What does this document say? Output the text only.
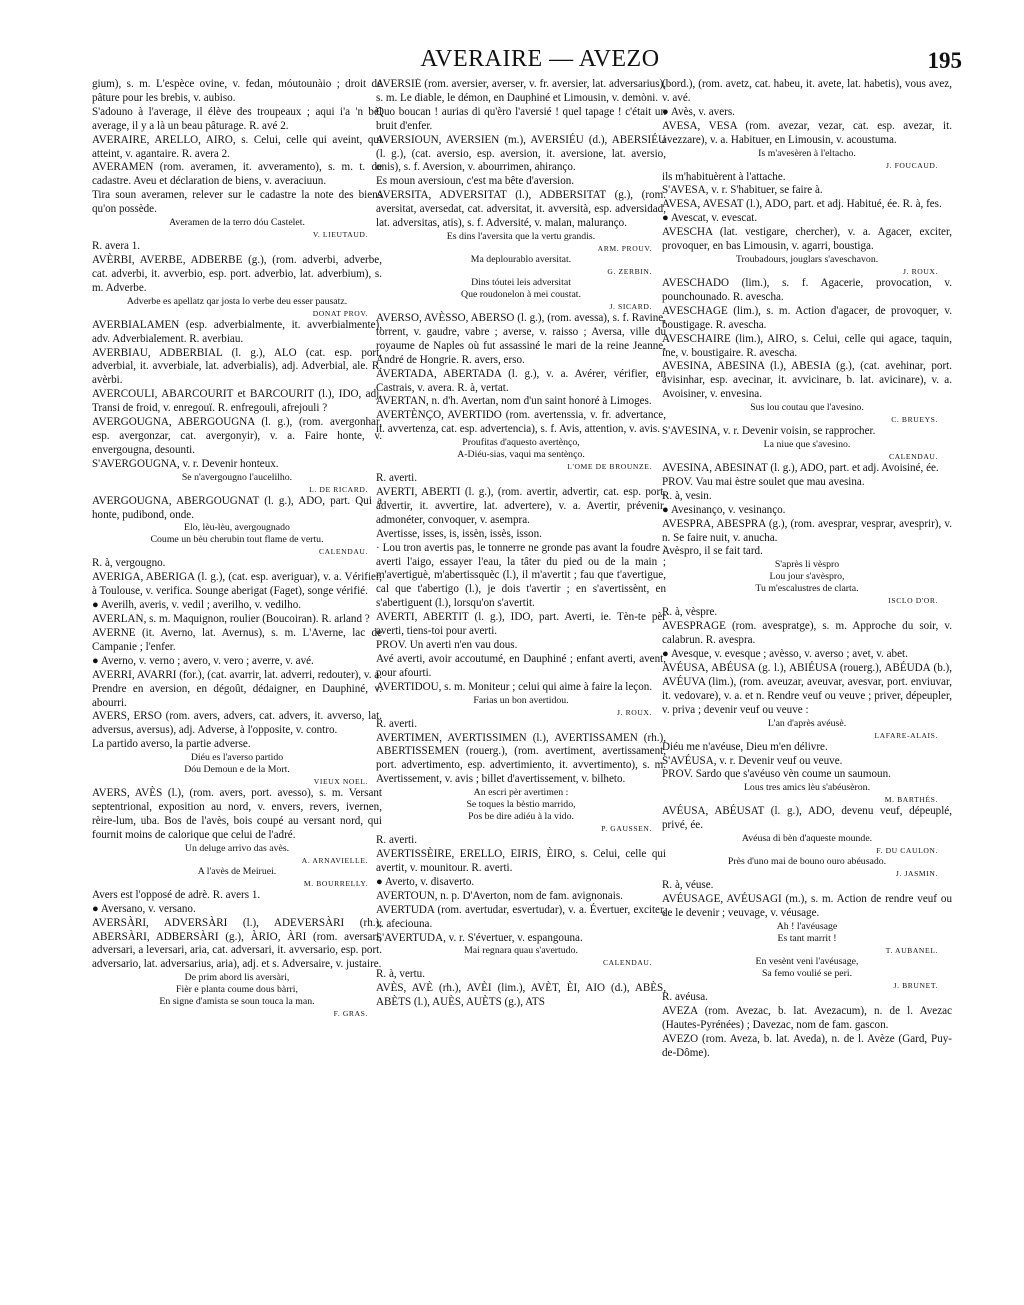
AVERAIRE — AVEZO	195

gium), s. m. L'espèce ovine, v. fedan, móutounàio ; droit de pâture pour les brebis, v. aubiso.

S'adouno à l'average, il élève des troupeaux ; aqui i'a 'n bèl average, il y a là un beau pâturage. R. avé 2.

AVERAIRE, ARELLO, AIRO, s. Celui, celle qui aveint, qui atteint, v. agantaire. R. avera 2.

AVERAMEN (rom. averamen, it. avveramento), s. m. t. de cadastre. Aveu et déclaration de biens, v. averaciuun.

Tira soun averamen, relever sur le cadastre la note des biens qu'on possède.

Averamen de la terro dóu Castelet.

V. LIEUTAUD.

R. avera 1.

AVÈRBI, AVERBE, ADBERBE (g.), (rom. adverbi, adverbe, cat. adverbi, it. avverbio, esp. port. adverbio, lat. adverbium), s. m. Adverbe.

Adverbe es apellatz qar josta lo verbe deu esser pausatz.

DONAT PROV.

AVERBIALAMEN (esp. adverbialmente, it. avverbialmente), adv. Adverbialement. R. averbiau.

AVERBIAU, ADBERBIAL (l. g.), ALO (cat. esp. port. adverbial, it. avverbiale, lat. adverbialis), adj. Adverbial, ale. R. avèrbi.

AVERCOULI, ABARCOURIT et BARCOURIT (l.), IDO, adj. Transi de froid, v. enregouï. R. enfregouli, afrejouli ?

AVERGOUGNA, ABERGOUGNA (l. g.), (rom. avergonhar, esp. avergonzar, cat. avergonyir), v. a. Faire honte, v. envergougna, desounti.

S'AVERGOUGNA, v. r. Devenir honteux.

Se n'avergougno l'aucelilho.

L. DE RICARD.

AVERGOUGNA, ABERGOUGNAT (l. g.), ADO, part. Qui a honte, pudibond, onde.

Elo, lèu-lèu, avergougnado

Coume un bèu cherubin tout flame de vertu.

CALENDAU.

R. à, vergougno.

AVERIGA, ABERIGA (l. g.), (cat. esp. averiguar), v. a. Vérifier, à Toulouse, v. verifica. Sounge aberigat (Faget), songe vérifié.

● Averilh, averis, v. vedil ; averilho, v. vedilho.

AVERLAN, s. m. Maquignon, roulier (Boucoiran). R. arland ?

AVERNE (it. Averno, lat. Avernus), s. m. L'Averne, lac de Campanie ; l'enfer.

● Averno, v. verno ; avero, v. vero ; averre, v. avé.

AVERRI, AVARRI (for.), (cat. avarrir, lat. adverri, redouter), v. a. Prendre en aversion, en dégoût, dédaigner, en Dauphiné, v. abourri.

AVERS, ERSO (rom. avers, advers, cat. advers, it. avverso, lat. adversus, aversus), adj. Adverse, à l'opposite, v. contro.

La partido averso, la partie adverse.

Diéu es l'averso partido

Dóu Demoun e de la Mort.

VIEUX NOEL.

AVERS, AVÈS (l.), (rom. avers, port. avesso), s. m. Versant septentrional, exposition au nord, v. envers, revers, ivernen, rèire-lum, uba. Bos de l'avès, bois coupé au versant nord, qui fournit moins de calorique que celui de l'adré.

Un deluge arrivo das avès.

A. ARNAVIELLE.

A l'avès de Meiruei.

M. BOURRELLY.

Avers est l'opposé de adrè. R. avers 1.

● Aversano, v. versano.

AVERSÀRI, ADVERSÀRI (l.), ADEVERSÀRI (rh.), ABERSÀRI, ADBERSÀRI (g.), ÀRIO, ÀRI (rom. aversari, adversari, a leversari, aria, cat. adversari, it. avversario, esp. port. adversario, lat. adversarius, aria), adj. et s. Adversaire, v. justaire.

De prim abord lis aversàri,

Fièr e planta coume dous bàrri,

En signe d'amista se soun touca la man.

F. GRAS.

AVERSIÉ (rom. aversier, averser, v. fr. aversier, lat. adversarius), s. m. Le diable, le démon, en Dauphiné et Limousin, v. demòni.

Quo boucan ! aurias di qu'èro l'aversié ! quel tapage ! c'était un bruit d'enfer.

AVERSIOUN, AVERSIEN (m.), AVERSIÉU (d.), ABERSIÉU (l. g.), (cat. aversio, esp. aversion, it. aversione, lat. aversio, onis), s. f. Aversion, v. abourrimen, ahiranço.

Es moun aversioun, c'est ma bête d'aversion.

AVERSITA, ADVERSITAT (l.), ADBERSITAT (g.), (rom. aversitat, aversedat, cat. adversitat, it. avversità, esp. adversidad, lat. adversitas, atis), s. f. Adversité, v. malan, maluranço.

Es dins l'aversita que la vertu grandis.

ARM. PROUV.

Ma deplourablo aversitat.

G. ZERBIN.

Dins tóutei leis adversitat

Que roudonelon à mei coustat.

J. SICARD.

AVERSO, AVÈSSO, ABERSO (l. g.), (rom. avessa), s. f. Ravine, torrent, v. gaudre, vabre ; averse, v. raisso ; Aversa, ville du royaume de Naples où fut assassiné le mari de la reine Jeanne, André de Hongrie. R. avers, erso.

AVERTADA, ABERTADA (l. g.), v. a. Avérer, vérifier, en Castrais, v. avera. R. à, vertat.

AVERTAN, n. d'h. Avertan, nom d'un saint honoré à Limoges.

AVERTÈNÇO, AVERTIDO (rom. avertenssia, v. fr. advertance, it. avvertenza, cat. esp. advertencia), s. f. Avis, attention, v. avis.

Proufitas d'aquesto avertènço,

A-Diéu-sias, vaqui ma sentènço.

L'OME DE BROUNZE.

R. averti.

AVERTI, ABERTI (l. g.), (rom. avertir, advertir, cat. esp. port. advertir, it. avvertire, lat. advertere), v. a. Avertir, prévenir, admonéter, convoquer, v. asempra.

Avertisse, isses, is, issèn, issès, isson.

· Lou tron avertis pas, le tonnerre ne gronde pas avant la foudre ; averti l'aigo, essayer l'eau, la tâter du pied ou de la main ; m'avertiguè, m'abertissquèc (l.), il m'avertit ; fau que t'avertigue, cal que t'abertigo (l.), je dois t'avertir ; en s'avertissènt, en s'abertiguent (l.), lorsqu'on s'avertit.

AVERTI, ABERTIT (l. g.), IDO, part. Averti, ie. Tèn-te pèr averti, tiens-toi pour averti.

PROV. Un averti n'en vau dous.

Avé averti, avoir accoutumé, en Dauphiné ; enfant averti, avent, pour afourti.

AVERTIDOU, s. m. Moniteur ; celui qui aime à faire la leçon.

Farias un bon avertidou.

J. ROUX.

R. averti.

AVERTIMEN, AVERTISSIMEN (l.), AVERTISSAMEN (rh.), ABERTISSEMEN (rouerg.), (rom. avertiment, avertissament, port. advertimento, esp. advertimiento, it. avvertimento), s. m. Avertissement, v. avis ; billet d'avertissement, v. bilheto.

An escri pèr avertimen :

Se toques la bèstio marrido,

Pos be dire adiéu à la vido.

P. GAUSSEN.

R. averti.

AVERTISSÈIRE, ERELLO, EIRIS, ÈIRO, s. Celui, celle qui avertit, v. mounitour. R. averti.

● Averto, v. disaverto.

AVERTOUN, n. p. D'Averton, nom de fam. avignonais.

AVERTUDA (rom. avertudar, esvertudar), v. a. Évertuer, exciter, v. afeciouna.

S'AVERTUDA, v. r. S'évertuer, v. espangouna.

Mai regnara quau s'avertudo.

CALENDAU.

R. à, vertu.

AVÈS, AVÈ (rh.), AVÈI (lim.), AVÈT, ÈI, AIO (d.), ABÈS, ABÈTS (l.), AUÈS, AUÈTS (g.), ATS

(bord.), (rom. avetz, cat. habeu, it. avete, lat. habetis), vous avez, v. avé.

● Avès, v. avers.

AVESA, VESA (rom. avezar, vezar, cat. esp. avezar, it. avezzare), v. a. Habituer, en Limousin, v. acoustuma.

Is m'avesèren à l'eltacho.

J. FOUCAUD.

ils m'habituèrent à l'attache.

S'AVESA, v. r. S'habituer, se faire à.

AVESA, AVESAT (l.), ADO, part. et adj. Habitué, ée. R. à, fes.

● Avescat, v. evescat.

AVESCHA (lat. vestigare, chercher), v. a. Agacer, exciter, provoquer, en bas Limousin, v. agarri, boustiga.

Troubadours, jouglars s'aveschavon.

J. ROUX.

AVESCHADO (lim.), s. f. Agacerie, provocation, v. pounchounado. R. avescha.

AVESCHAGE (lim.), s. m. Action d'agacer, de provoquer, v. boustigage. R. avescha.

AVESCHAIRE (lim.), AIRO, s. Celui, celle qui agace, taquin, ine, v. boustigaire. R. avescha.

AVESINA, ABESINA (l.), ABESIA (g.), (cat. avehinar, port. avisinhar, esp. avecinar, it. avvicinare, b. lat. avicinare), v. a. Avoisiner, v. envesina.

Sus lou coutau que l'avesino.

C. BRUEYS.

S'AVESINA, v. r. Devenir voisin, se rapprocher.

La niue que s'avesino.

CALENDAU.

AVESINA, ABESINAT (l. g.), ADO, part. et adj. Avoisiné, ée.

PROV. Vau mai èstre soulet que mau avesina.

R. à, vesin.

● Avesinanço, v. vesinanço.

AVESPRA, ABESPRA (g.), (rom. avesprar, vesprar, avesprir), v. n. Se faire nuit, v. anucha.

Avèspro, il se fait tard.

S'après li vèspro

Lou jour s'avèspro,

Tu m'escalustres de clarta.

ISCLO D'OR.

R. à, vèspre.

AVESPRAGE (rom. avespratge), s. m. Approche du soir, v. calabrun. R. avespra.

● Avesque, v. evesque ; avèsso, v. averso ; avet, v. abet.

AVÉUSA, ABÉUSA (g. l.), ABIÉUSA (rouerg.), ABÉUDA (b.), AVÉUVA (lim.), (rom. aveuzar, aveuvar, avesvar, port. enviuvar, it. vedovare), v. a. et n. Rendre veuf ou veuve ; priver, dépeupler, v. priva ; devenir veuf ou veuve :

L'an d'après avéusè.

LAFARE-ALAIS.

Diéu me n'avéuse, Dieu m'en délivre.

S'AVÉUSA, v. r. Devenir veuf ou veuve.

PROV. Sardo que s'avéuso vèn coume un saumoun.

Lous tres amics lèu s'abéusèron.

M. BARTHÉS.

AVÉUSA, ABÉUSAT (l. g.), ADO, devenu veuf, dépeuplé, privé, ée.

Avéusa di bèn d'aqueste mounde.

F. DU CAULON.

Près d'uno mai de bouno ouro abéusado.

J. JASMIN.

R. à, véuse.

AVÉUSAGE, AVÉUSAGI (m.), s. m. Action de rendre veuf ou de le devenir ; veuvage, v. véusage.

Ah ! l'avéusage

Es tant marrit !

T. AUBANEL.

En vesènt veni l'avéusage,

Sa femo voulié se peri.

J. BRUNET.

R. avéusa.

AVEZA (rom. Avezac, b. lat. Avezacum), n. de l. Avezac (Hautes-Pyrénées) ; Davezac, nom de fam. gascon.

AVEZO (rom. Aveza, b. lat. Aveda), n. de l. Avèze (Gard, Puy-de-Dôme).
